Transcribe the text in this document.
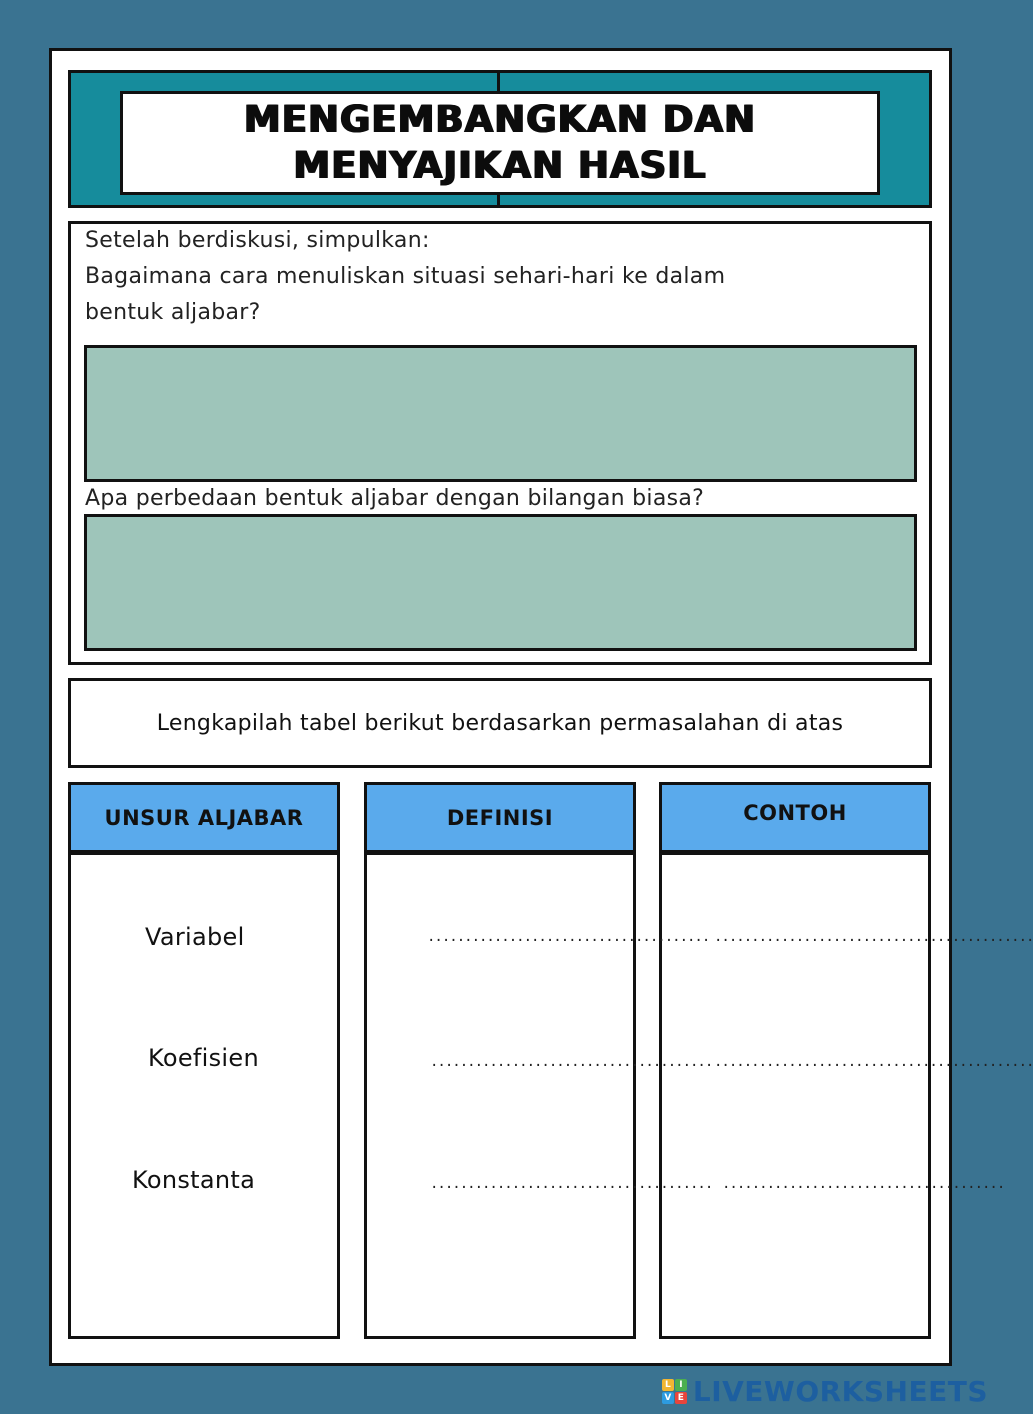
MENGEMBANGKAN DAN
MENYAJIKAN HASIL
Setelah berdiskusi, simpulkan:
Bagaimana cara menuliskan situasi sehari-hari ke dalam
bentuk aljabar?
Apa perbedaan bentuk aljabar dengan bilangan biasa?
Lengkapilah tabel berikut berdasarkan permasalahan di atas
UNSUR ALJABAR	DEFINISI	CONTOH
Variabel
Koefisien
Konstanta
......................................
......................................
......................................
...........................................
...........................................
......................................
L I
V E LIVEWORKSHEETS
